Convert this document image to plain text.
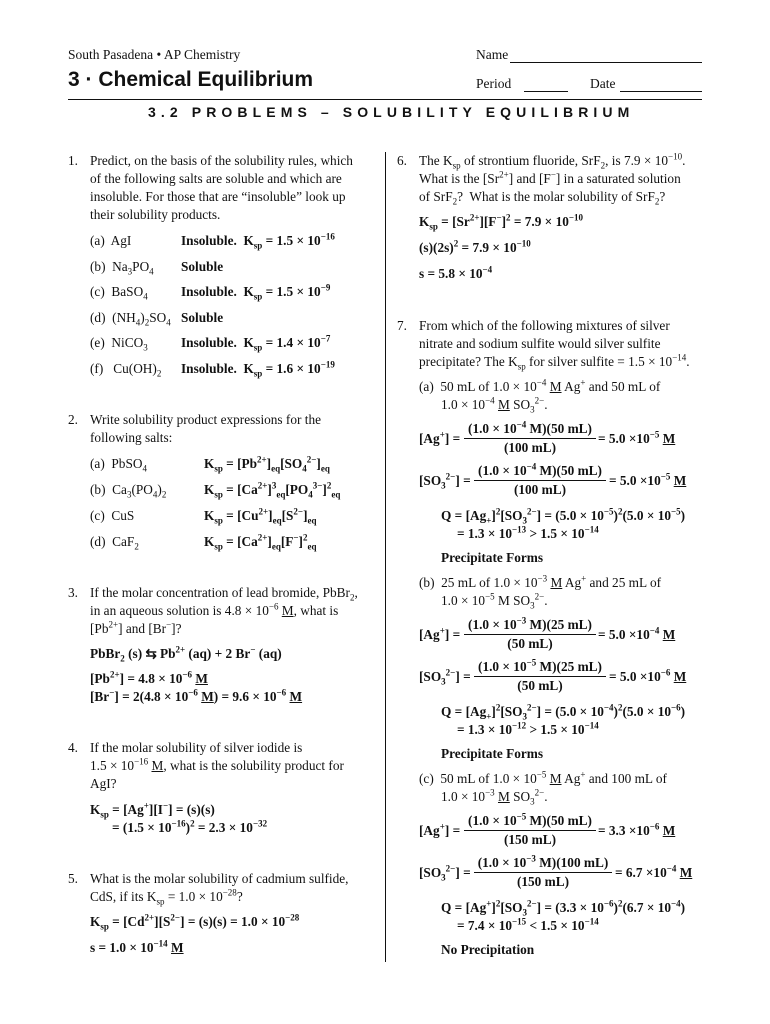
South Pasadena • AP Chemistry
3 · Chemical Equilibrium
Name
Period	Date
3.2 PROBLEMS – SOLUBILITY EQUILIBRIUM
1. Predict, on the basis of the solubility rules, which
of the following salts are soluble and which are
insoluble. For those that are “insoluble” look up
their solubility products.
(a)  AgI	Insoluble.  $K_{sp} = 1.5 \times 10^{-16}$
(b)  $Na_3PO_4$ Soluble
(c)  BaSO$_4$	Insoluble.  $K_{sp} = 1.5 \times 10^{-9}$
(d)  $(NH_4)_2SO_4$ Soluble
(e)  NiCO$_3$	Insoluble.  $K_{sp} = 1.4 \times 10^{-7}$
(f)   $Cu(OH)_2$ Insoluble.  $K_{sp} = 1.6 \times 10^{-19}$
2. Write solubility product expressions for the
following salts:
(a)  PbSO$_4$	$K_{sp} = [Pb^{2+}]_{eq}[SO_4^{2-}]_{eq}$
(b)  $Ca_3(PO_4)_2$	$K_{sp} = [Ca^{2+}]^3_{eq}[PO_4^{3-}]^2_{eq}$
(c)  CuS	$K_{sp} = [Cu^{2+}]_{eq}[S^{2-}]_{eq}$
(d)  CaF$_2$	$K_{sp} = [Ca^{2+}]_{eq}[F^-]^2_{eq}$
3. If the molar concentration of lead bromide, PbBr$_2$,
in an aqueous solution is $4.8 \times 10^{-6}$ M, what is
$[Pb^{2+}]$ and [Br−]?
PbBr$_2$ (s) ⇆ $Pb^{2+}$ (aq) + 2 Br− (aq)
$[Pb^{2+}] = 4.8 \times 10^{-6}$ M
$[Br^-] = 2(4.8 \times 10^{-6}$ $M) = 9.6 \times 10^{-6}$ M
4. If the molar solubility of silver iodide is
$1.5 \times 10^{-16}$ M, what is the solubility product for
AgI?
$K_{sp} = [Ag^+][I^-] = (s)(s)$
= $(1.5 \times 10^{-16})^2 = 2.3 \times 10^{-32}$
5. What is the molar solubility of cadmium sulfide,
CdS, if its $K_{sp} = 1.0 \times 10^{-28}$?
$K_{sp} = [Cd^{2+}][S^{2-}] = (s)(s) = 1.0 \times 10^{-28}$
$s = 1.0 \times 10^{-14}$ M
6. The $K_{sp}$ of strontium fluoride, SrF$_2$, is $7.9 \times 10^{-10}$.
What is the $[Sr^{2+}]$ and [F−] in a saturated solution
of SrF$_2$?  What is the molar solubility of SrF$_2$?
$K_{sp} = [Sr^{2+}][F^-]^2 = 7.9 \times 10^{-10}$
$(s)(2s)^2 = 7.9 \times 10^{-10}$
$s = 5.8 \times 10^{-4}$
7. From which of the following mixtures of silver
nitrate and sodium sulfite would silver sulfite
precipitate? The $K_{sp}$ for silver sulfite = $1.5 \times 10^{-14}$.
(a)  50 mL of $1.0 \times 10^{-4}$ M Ag+ and 50 mL of
$1.0 \times 10^{-4}$ M $SO_3^{2-}$.
$[Ag^+] = \frac{(1.0 \times 10^{-4} M)(50 mL)}{(100 mL)} = 5.0 \times 10^{-5}$ M
$[SO_3^{2-}] = \frac{(1.0 \times 10^{-4} M)(50 mL)}{(100 mL)} = 5.0 \times 10^{-5}$ M
$Q = [Ag_+]^2[SO_3^{2-}] = (5.0 \times 10^{-5})^2(5.0 \times 10^{-5})$
= $1.3 \times 10^{-13} > 1.5 \times 10^{-14}$
Precipitate Forms
(b)  25 mL of $1.0 \times 10^{-3}$ M Ag+ and 25 mL of
$1.0 \times 10^{-5}$ M $SO_3^{2-}$.
$[Ag^+] = \frac{(1.0 \times 10^{-3} M)(25 mL)}{(50 mL)} = 5.0 \times 10^{-4}$ M
$[SO_3^{2-}] = \frac{(1.0 \times 10^{-5} M)(25 mL)}{(50 mL)} = 5.0 \times 10^{-6}$ M
$Q = [Ag_+]^2[SO_3^{2-}] = (5.0 \times 10^{-4})^2(5.0 \times 10^{-6})$
= $1.3 \times 10^{-12} > 1.5 \times 10^{-14}$
Precipitate Forms
(c)  50 mL of $1.0 \times 10^{-5}$ M Ag+ and 100 mL of
$1.0 \times 10^{-3}$ M $SO_3^{2-}$.
$[Ag^+] = \frac{(1.0 \times 10^{-5} M)(50 mL)}{(150 mL)} = 3.3 \times 10^{-6}$ M
$[SO_3^{2-}] = \frac{(1.0 \times 10^{-3} M)(100 mL)}{(150 mL)} = 6.7 \times 10^{-4}$ M
$Q = [Ag^+]^2[SO_3^{2-}] = (3.3 \times 10^{-6})^2(6.7 \times 10^{-4})$
= $7.4 \times 10^{-15} < 1.5 \times 10^{-14}$
No Precipitation
